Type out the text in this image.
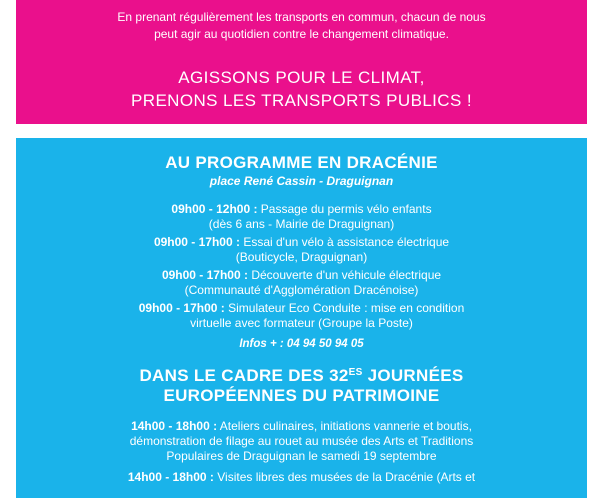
En prenant régulièrement les transports en commun, chacun de nous
peut agir au quotidien contre le changement climatique.
AGISSONS POUR LE CLIMAT,
PRENONS LES TRANSPORTS PUBLICS !
AU PROGRAMME EN DRACÉNIE
place René Cassin - Draguignan
09h00 - 12h00 : Passage du permis vélo enfants
(dès 6 ans - Mairie de Draguignan)
09h00 - 17h00 : Essai d'un vélo à assistance électrique
(Bouticycle, Draguignan)
09h00 - 17h00 : Découverte d'un véhicule électrique
(Communauté d'Agglomération Dracénoise)
09h00 - 17h00 : Simulateur Eco Conduite : mise en condition
virtuelle avec formateur (Groupe la Poste)
Infos + : 04 94 50 94 05
DANS LE CADRE DES $32^{ES}$ JOURNÉES
EUROPÉENNES DU PATRIMOINE
14h00 - 18h00 : Ateliers culinaires, initiations vannerie et boutis,
démonstration de filage au rouet au musée des Arts et Traditions
Populaires de Draguignan le samedi 19 septembre
14h00 - 18h00 : Visites libres des musées de la Dracénie (Arts et
